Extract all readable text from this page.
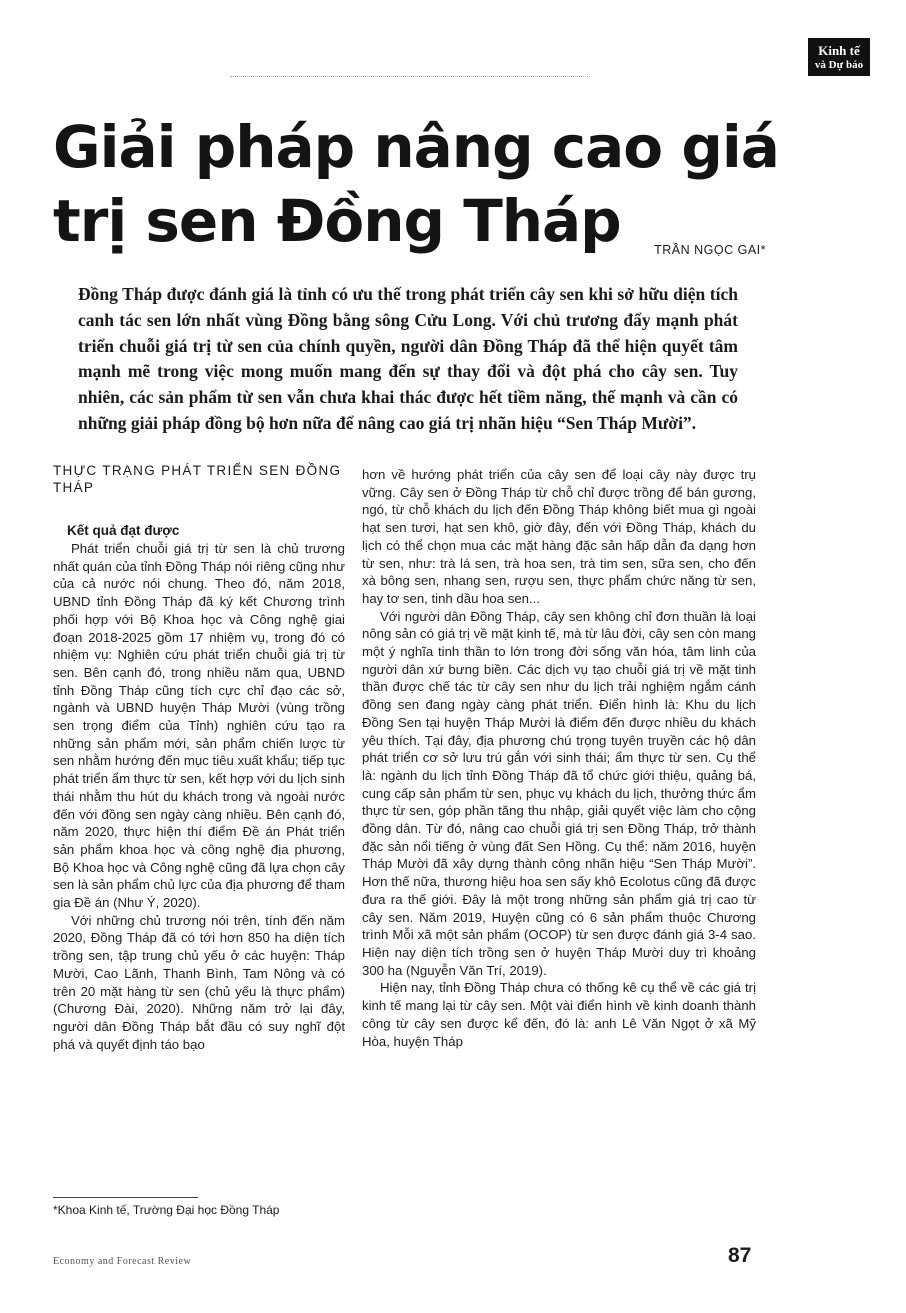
Kinh tế
và Dự báo
Giải pháp nâng cao giá trị sen Đồng Tháp	TRẦN NGỌC GAI*

Đồng Tháp được đánh giá là tỉnh có ưu thế trong phát triển cây sen khi sở hữu diện tích canh tác sen lớn nhất vùng Đồng bằng sông Cửu Long. Với chủ trương đẩy mạnh phát triển chuỗi giá trị từ sen của chính quyền, người dân Đồng Tháp đã thể hiện quyết tâm mạnh mẽ trong việc mong muốn mang đến sự thay đổi và đột phá cho cây sen. Tuy nhiên, các sản phẩm từ sen vẫn chưa khai thác được hết tiềm năng, thế mạnh và cần có những giải pháp đồng bộ hơn nữa để nâng cao giá trị nhãn hiệu “Sen Tháp Mười”.

THỰC TRẠNG PHÁT TRIỂN SEN ĐỒNG THÁP
Kết quả đạt được

Phát triển chuỗi giá trị từ sen là chủ trương nhất quán của tỉnh Đồng Tháp nói riêng cũng như của cả nước nói chung. Theo đó, năm 2018, UBND tỉnh Đồng Tháp đã ký kết Chương trình phối hợp với Bộ Khoa học và Công nghệ giai đoạn 2018-2025 gồm 17 nhiệm vụ, trong đó có nhiệm vụ: Nghiên cứu phát triển chuỗi giá trị từ sen. Bên cạnh đó, trong nhiều năm qua, UBND tỉnh Đồng Tháp cũng tích cực chỉ đạo các sở, ngành và UBND huyện Tháp Mười (vùng trồng sen trọng điểm của Tỉnh) nghiên cứu tạo ra những sản phẩm mới, sản phẩm chiến lược từ sen nhằm hướng đến mục tiêu xuất khẩu; tiếp tục phát triển ẩm thực từ sen, kết hợp với du lịch sinh thái nhằm thu hút du khách trong và ngoài nước đến với đồng sen ngày càng nhiều. Bên cạnh đó, năm 2020, thực hiện thí điểm Đề án Phát triển sản phẩm khoa học và công nghệ địa phương, Bộ Khoa học và Công nghệ cũng đã lựa chọn cây sen là sản phẩm chủ lực của địa phương để tham gia Đề án (Như Ý, 2020).

Với những chủ trương nói trên, tính đến năm 2020, Đồng Tháp đã có tới hơn 850 ha diện tích trồng sen, tập trung chủ yếu ở các huyện: Tháp Mười, Cao Lãnh, Thanh Bình, Tam Nông và có trên 20 mặt hàng từ sen (chủ yếu là thực phẩm) (Chương Đài, 2020). Những năm trở lại đây, người dân Đồng Tháp bắt đầu có suy nghĩ đột phá và quyết định táo bạo

hơn về hướng phát triển của cây sen để loại cây này được trụ vững. Cây sen ở Đồng Tháp từ chỗ chỉ được trồng để bán gương, ngó, từ chỗ khách du lịch đến Đồng Tháp không biết mua gì ngoài hạt sen tươi, hạt sen khô, giờ đây, đến với Đồng Tháp, khách du lịch có thể chọn mua các mặt hàng đặc sản hấp dẫn đa dạng hơn từ sen, như: trà lá sen, trà hoa sen, trà tim sen, sữa sen, cho đến xà bông sen, nhang sen, rượu sen, thực phẩm chức năng từ sen, hay tơ sen, tinh dầu hoa sen...

Với người dân Đồng Tháp, cây sen không chỉ đơn thuần là loại nông sản có giá trị về mặt kinh tế, mà từ lâu đời, cây sen còn mang một ý nghĩa tinh thần to lớn trong đời sống văn hóa, tâm linh của người dân xứ bưng biền. Các dịch vụ tạo chuỗi giá trị về mặt tinh thần được chế tác từ cây sen như du lịch trải nghiệm ngắm cánh đồng sen đang ngày càng phát triển. Điển hình là: Khu du lịch Đồng Sen tại huyện Tháp Mười là điểm đến được nhiều du khách yêu thích. Tại đây, địa phương chú trọng tuyên truyền các hộ dân phát triển cơ sở lưu trú gắn với sinh thái; ẩm thực từ sen. Cụ thể là: ngành du lịch tỉnh Đồng Tháp đã tổ chức giới thiệu, quảng bá, cung cấp sản phẩm từ sen, phục vụ khách du lịch, thưởng thức ẩm thực từ sen, góp phần tăng thu nhập, giải quyết việc làm cho cộng đồng dân. Từ đó, nâng cao chuỗi giá trị sen Đồng Tháp, trở thành đặc sản nổi tiếng ở vùng đất Sen Hồng. Cụ thể: năm 2016, huyện Tháp Mười đã xây dựng thành công nhãn hiệu “Sen Tháp Mười”. Hơn thế nữa, thương hiệu hoa sen sấy khô Ecolotus cũng đã được đưa ra thế giới. Đây là một trong những sản phẩm giá trị cao từ cây sen. Năm 2019, Huyện cũng có 6 sản phẩm thuộc Chương trình Mỗi xã một sản phẩm (OCOP) từ sen được đánh giá 3-4 sao. Hiện nay diện tích trồng sen ở huyện Tháp Mười duy trì khoảng 300 ha (Nguyễn Văn Trí, 2019).

Hiện nay, tỉnh Đồng Tháp chưa có thống kê cụ thể về các giá trị kinh tế mang lại từ cây sen. Một vài điển hình về kinh doanh thành công từ cây sen được kể đến, đó là: anh Lê Văn Ngọt ở xã Mỹ Hòa, huyện Tháp

*Khoa Kinh tế, Trường Đại học Đồng Tháp
Economy and Forecast Review	87
